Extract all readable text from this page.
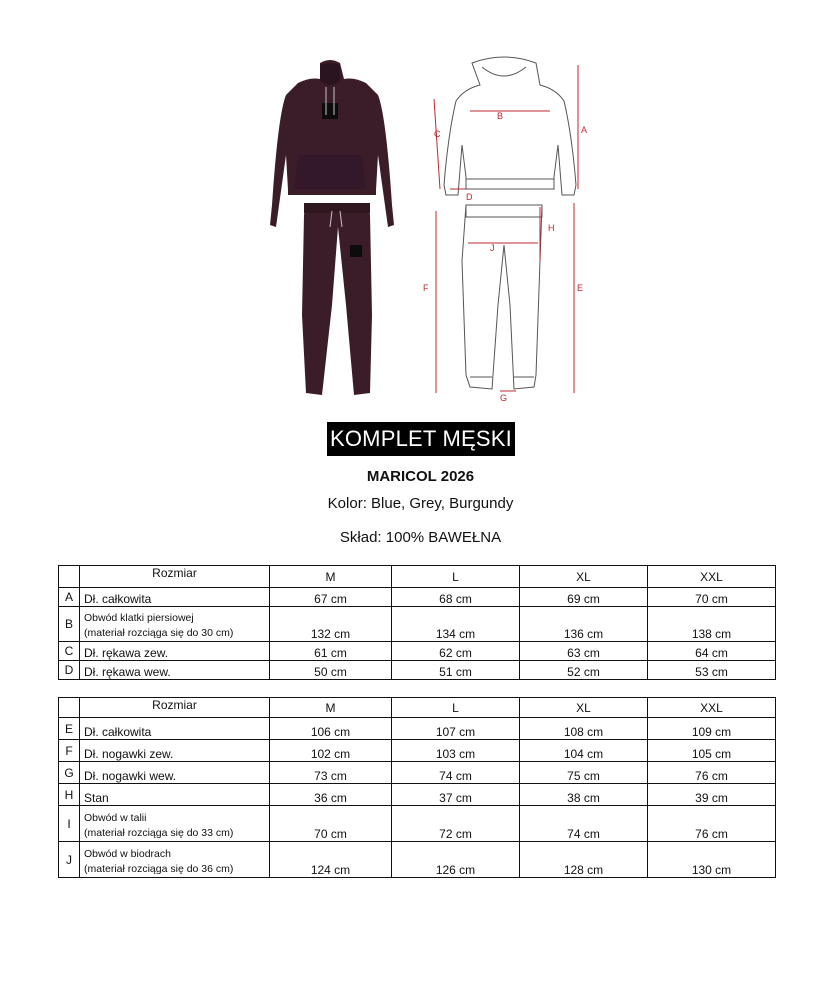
A
B
C
D
E
F
G
H
J
KOMPLET MĘSKI
MARICOL 2026
Kolor: Blue, Grey, Burgundy
Skład: 100% BAWEŁNA
	Rozmiar	M	L	XL	XXL
A	Dł. całkowita	67 cm	68 cm	69 cm	70 cm
B	Obwód klatki piersiowej
(materiał rozciąga się do 30 cm)	132 cm	134 cm	136 cm	138 cm
C	Dł. rękawa zew.	61 cm	62 cm	63 cm	64 cm
D	Dł. rękawa wew.	50 cm	51 cm	52 cm	53 cm
	Rozmiar	M	L	XL	XXL
E	Dł. całkowita	106 cm	107 cm	108 cm	109 cm
F	Dł. nogawki zew.	102 cm	103 cm	104 cm	105 cm
G	Dł. nogawki wew.	73 cm	74 cm	75 cm	76 cm
H	Stan	36 cm	37 cm	38 cm	39 cm
I	Obwód w talii
(materiał rozciąga się do 33 cm)	70 cm	72 cm	74 cm	76 cm
J	Obwód w biodrach
(materiał rozciąga się do 36 cm)	124 cm	126 cm	128 cm	130 cm
